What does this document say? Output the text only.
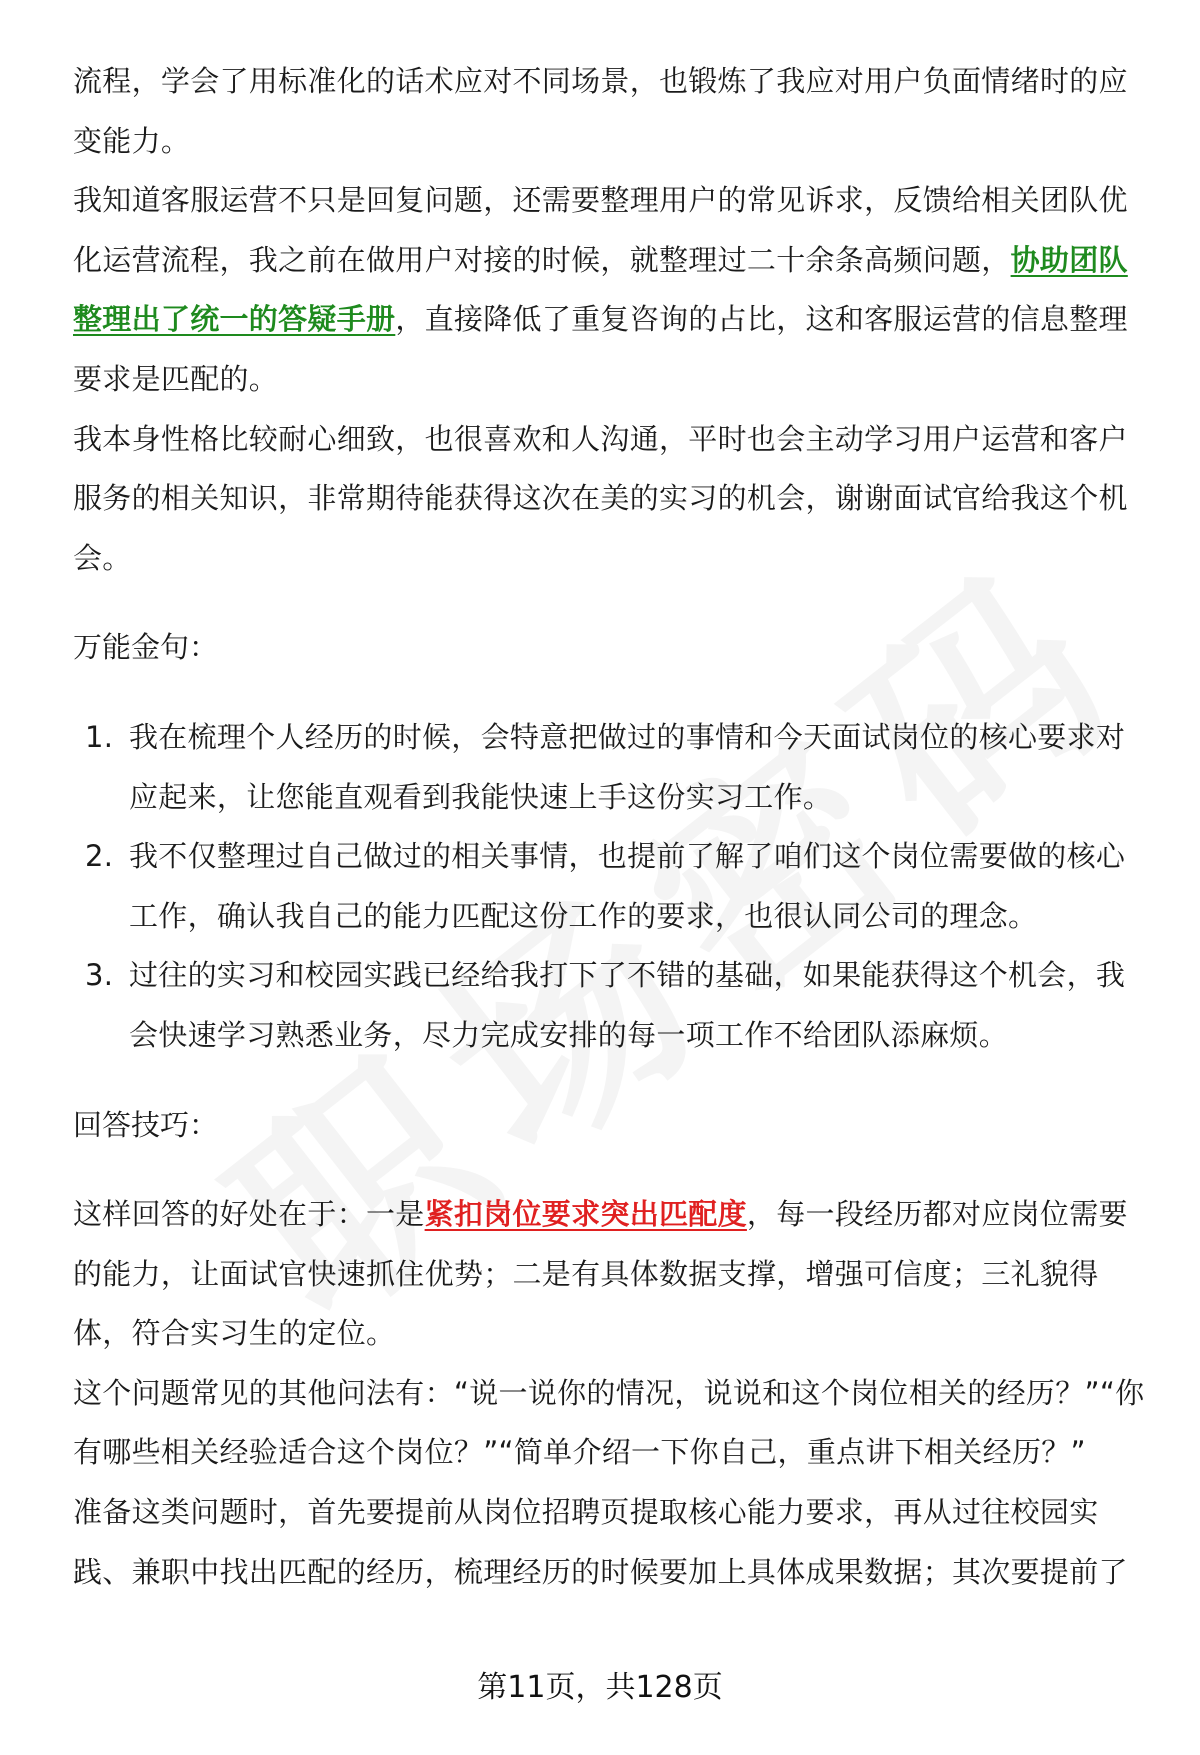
流程，学会了用标准化的话术应对不同场景，也锻炼了我应对用户负面情绪时的应变能力。

我知道客服运营不只是回复问题，还需要整理用户的常见诉求，反馈给相关团队优化运营流程，我之前在做用户对接的时候，就整理过二十余条高频问题，协助团队整理出了统一的答疑手册，直接降低了重复咨询的占比，这和客服运营的信息整理要求是匹配的。

我本身性格比较耐心细致，也很喜欢和人沟通，平时也会主动学习用户运营和客户服务的相关知识，非常期待能获得这次在美的实习的机会，谢谢面试官给我这个机会。

万能金句：

1. 我在梳理个人经历的时候，会特意把做过的事情和今天面试岗位的核心要求对应起来，让您能直观看到我能快速上手这份实习工作。
2. 我不仅整理过自己做过的相关事情，也提前了解了咱们这个岗位需要做的核心工作，确认我自己的能力匹配这份工作的要求，也很认同公司的理念。
3. 过往的实习和校园实践已经给我打下了不错的基础，如果能获得这个机会，我会快速学习熟悉业务，尽力完成安排的每一项工作不给团队添麻烦。

回答技巧：

这样回答的好处在于：一是紧扣岗位要求突出匹配度，每一段经历都对应岗位需要的能力，让面试官快速抓住优势；二是有具体数据支撑，增强可信度；三礼貌得体，符合实习生的定位。

这个问题常见的其他问法有：“说一说你的情况，说说和这个岗位相关的经历？”“你有哪些相关经验适合这个岗位？”“简单介绍一下你自己，重点讲下相关经历？”

准备这类问题时，首先要提前从岗位招聘页提取核心能力要求，再从过往校园实践、兼职中找出匹配的经历，梳理经历的时候要加上具体成果数据；其次要提前了

第11页，共128页
